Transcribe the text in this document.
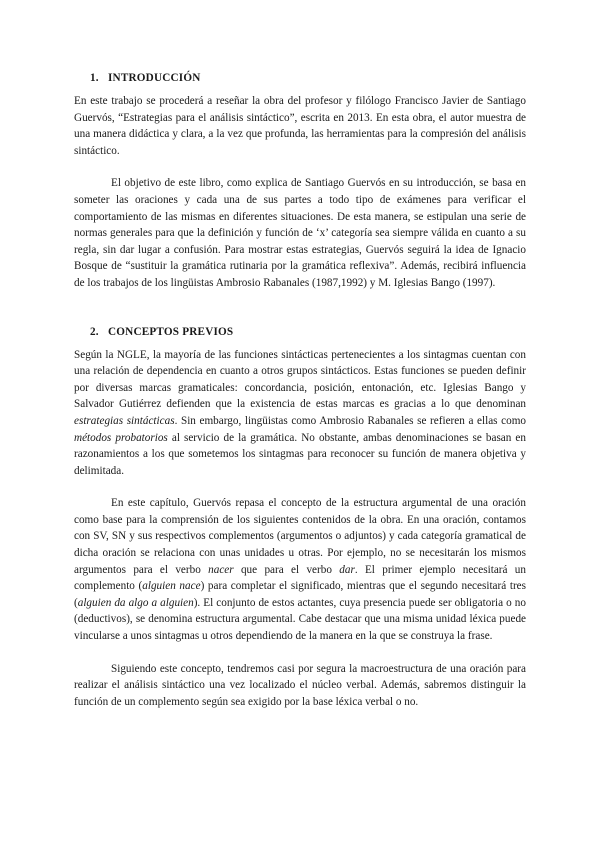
1. INTRODUCCIÓN

En este trabajo se procederá a reseñar la obra del profesor y filólogo Francisco Javier de Santiago Guervós, “Estrategias para el análisis sintáctico”, escrita en 2013. En esta obra, el autor muestra de una manera didáctica y clara, a la vez que profunda, las herramientas para la compresión del análisis sintáctico.

El objetivo de este libro, como explica de Santiago Guervós en su introducción, se basa en someter las oraciones y cada una de sus partes a todo tipo de exámenes para verificar el comportamiento de las mismas en diferentes situaciones. De esta manera, se estipulan una serie de normas generales para que la definición y función de ‘x’ categoría sea siempre válida en cuanto a su regla, sin dar lugar a confusión. Para mostrar estas estrategias, Guervós seguirá la idea de Ignacio Bosque de “sustituir la gramática rutinaria por la gramática reflexiva”. Además, recibirá influencia de los trabajos de los lingüistas Ambrosio Rabanales (1987,1992) y M. Iglesias Bango (1997).

2. CONCEPTOS PREVIOS

Según la NGLE, la mayoría de las funciones sintácticas pertenecientes a los sintagmas cuentan con una relación de dependencia en cuanto a otros grupos sintácticos. Estas funciones se pueden definir por diversas marcas gramaticales: concordancia, posición, entonación, etc. Iglesias Bango y Salvador Gutiérrez defienden que la existencia de estas marcas es gracias a lo que denominan estrategias sintácticas. Sin embargo, lingüistas como Ambrosio Rabanales se refieren a ellas como métodos probatorios al servicio de la gramática. No obstante, ambas denominaciones se basan en razonamientos a los que sometemos los sintagmas para reconocer su función de manera objetiva y delimitada.

En este capítulo, Guervós repasa el concepto de la estructura argumental de una oración como base para la comprensión de los siguientes contenidos de la obra. En una oración, contamos con SV, SN y sus respectivos complementos (argumentos o adjuntos) y cada categoría gramatical de dicha oración se relaciona con unas unidades u otras. Por ejemplo, no se necesitarán los mismos argumentos para el verbo nacer que para el verbo dar. El primer ejemplo necesitará un complemento (alguien nace) para completar el significado, mientras que el segundo necesitará tres (alguien da algo a alguien). El conjunto de estos actantes, cuya presencia puede ser obligatoria o no (deductivos), se denomina estructura argumental. Cabe destacar que una misma unidad léxica puede vincularse a unos sintagmas u otros dependiendo de la manera en la que se construya la frase.

Siguiendo este concepto, tendremos casi por segura la macroestructura de una oración para realizar el análisis sintáctico una vez localizado el núcleo verbal. Además, sabremos distinguir la función de un complemento según sea exigido por la base léxica verbal o no.
